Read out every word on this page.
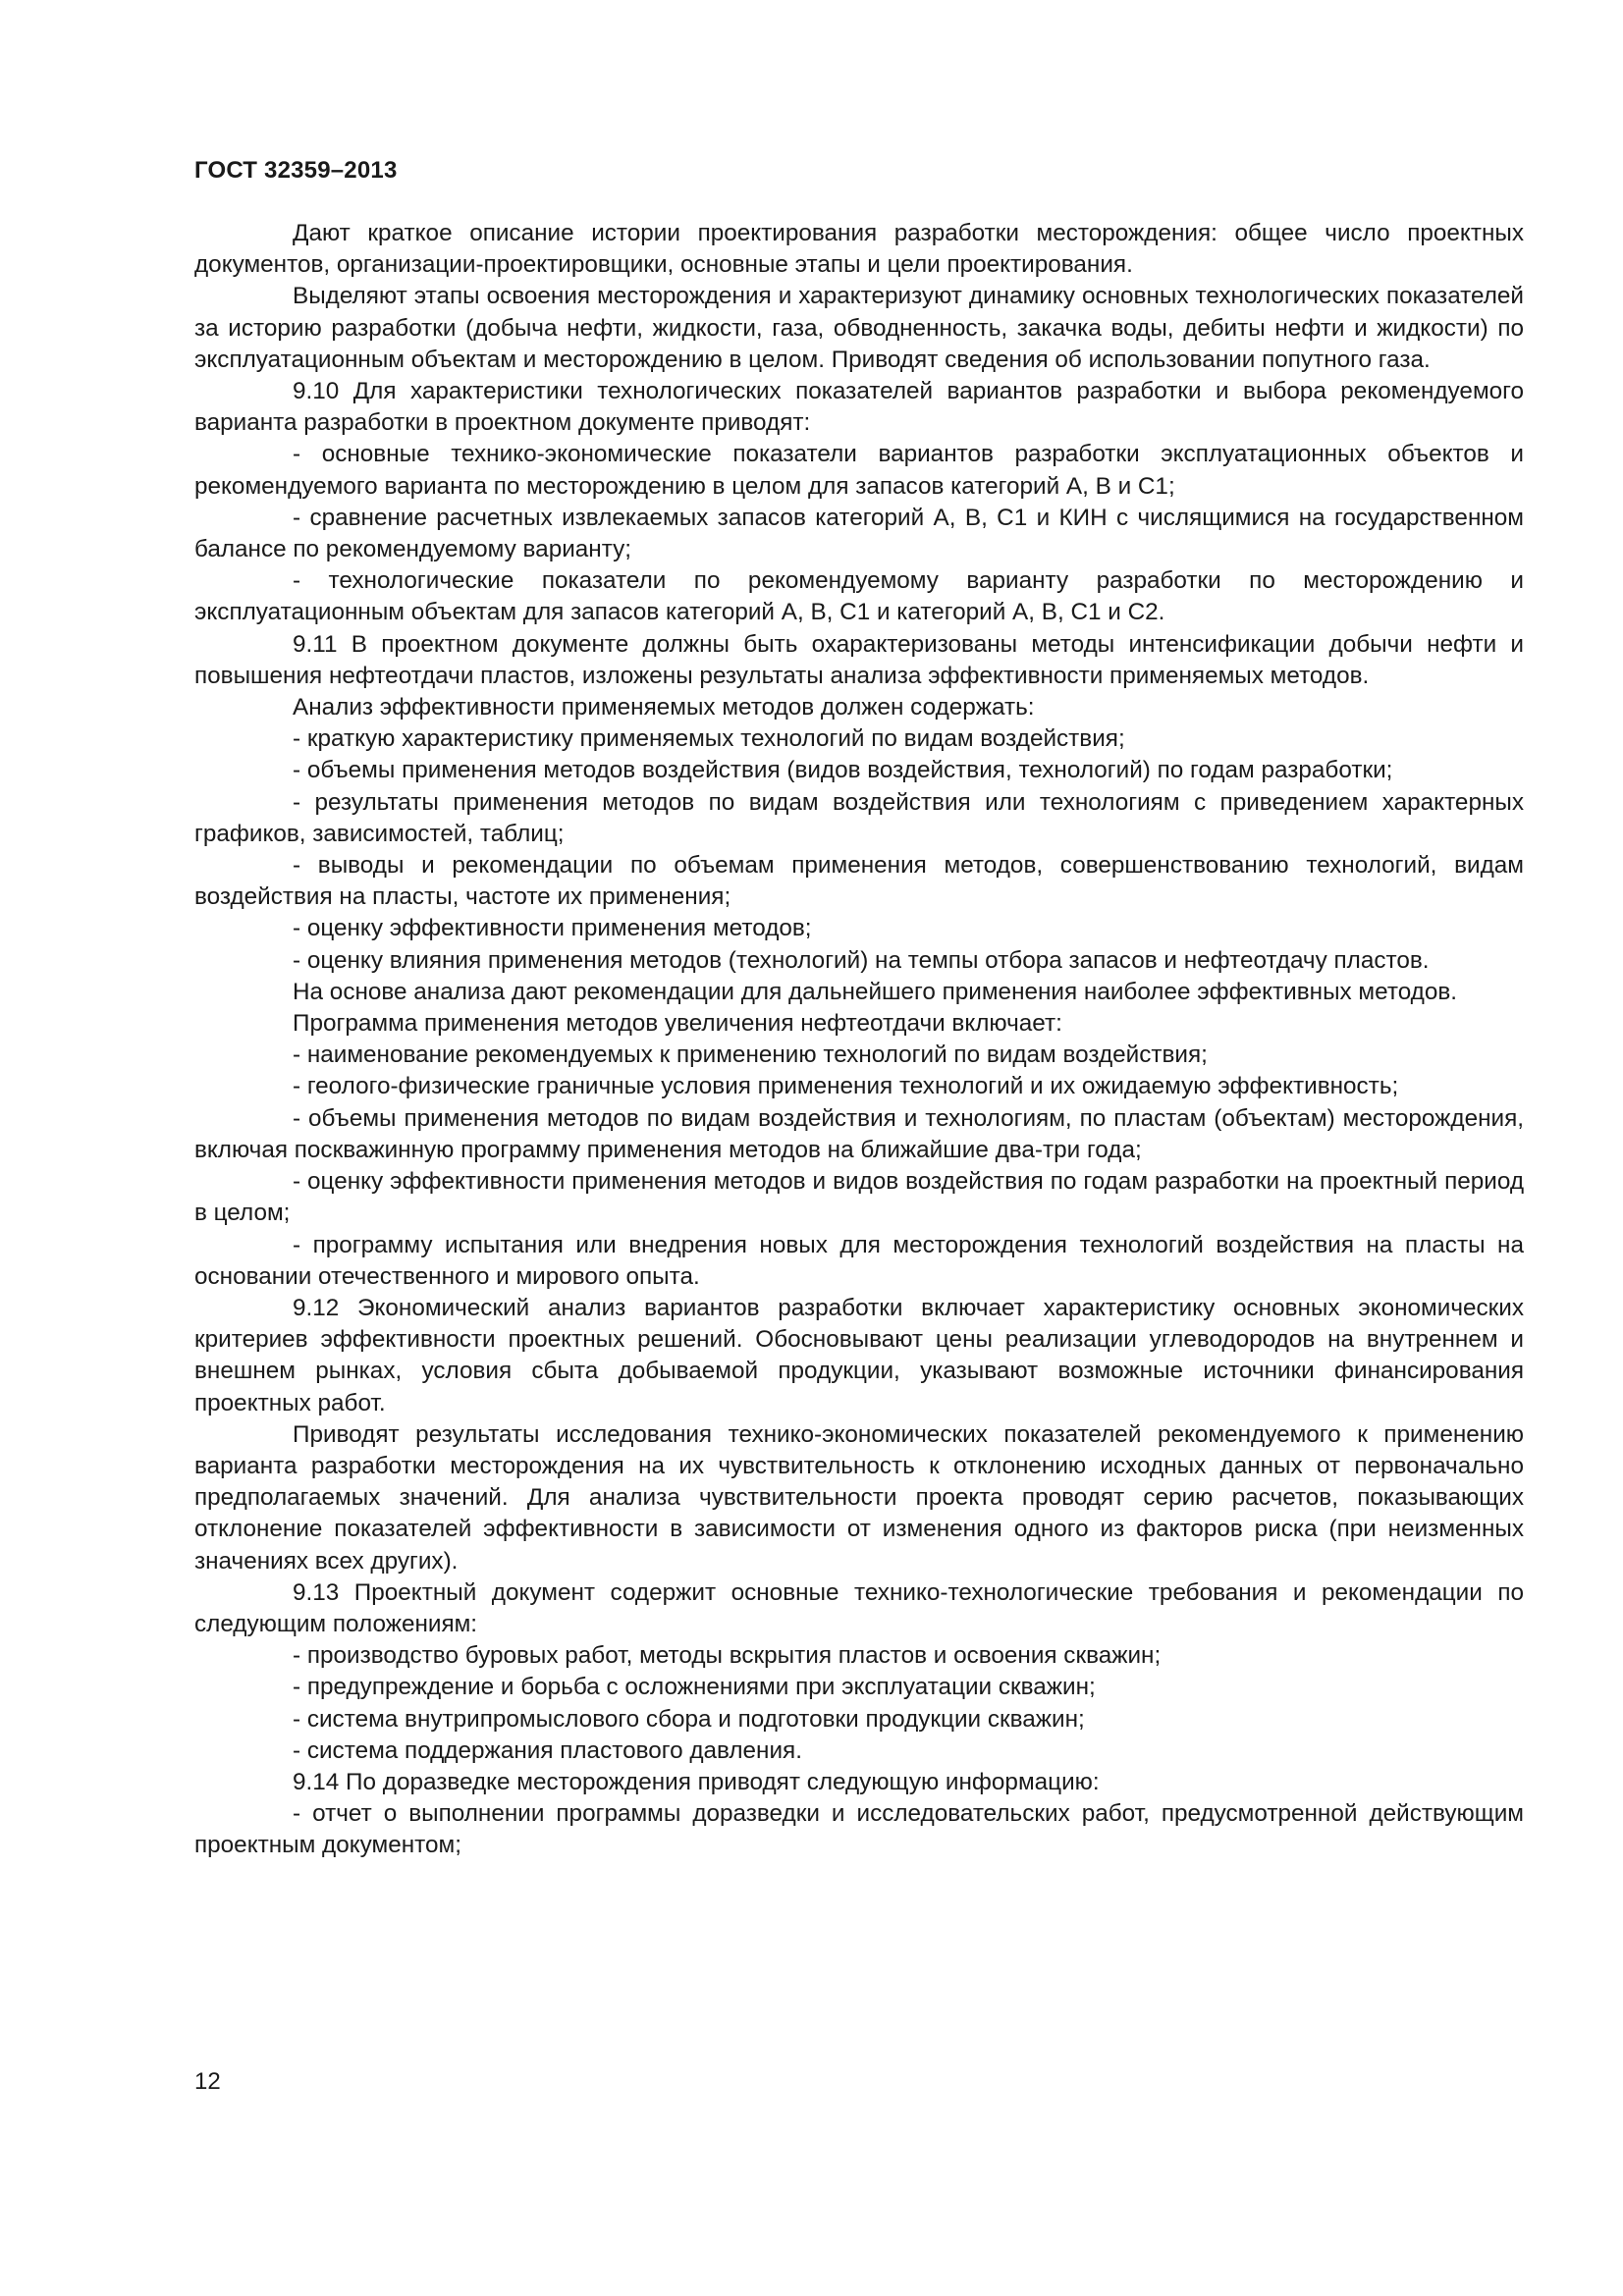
ГОСТ 32359–2013

Дают краткое описание истории проектирования разработки месторождения: общее число проектных документов, организации-проектировщики, основные этапы и цели проектирования.

Выделяют этапы освоения месторождения и характеризуют динамику основных технологических показателей за историю разработки (добыча нефти, жидкости, газа, обводненность, закачка воды, дебиты нефти и жидкости) по эксплуатационным объектам и месторождению в целом. Приводят сведения об использовании попутного газа.

9.10 Для характеристики технологических показателей вариантов разработки и выбора рекомендуемого варианта разработки в проектном документе приводят:

- основные технико-экономические показатели вариантов разработки эксплуатационных объектов и рекомендуемого варианта по месторождению в целом для запасов категорий А, В и С1;

- сравнение расчетных извлекаемых запасов категорий А, В, С1 и КИН с числящимися на государственном балансе по рекомендуемому варианту;

- технологические показатели по рекомендуемому варианту разработки по месторождению и эксплуатационным объектам для запасов категорий А, В, С1 и категорий А, В, С1 и С2.

9.11 В проектном документе должны быть охарактеризованы методы интенсификации добычи нефти и повышения нефтеотдачи пластов, изложены результаты анализа эффективности применяемых методов.

Анализ эффективности применяемых методов должен содержать:

- краткую характеристику применяемых технологий по видам воздействия;

- объемы применения методов воздействия (видов воздействия, технологий) по годам разработки;

- результаты применения методов по видам воздействия или технологиям с приведением характерных графиков, зависимостей, таблиц;

- выводы и рекомендации по объемам применения методов, совершенствованию технологий, видам воздействия на пласты, частоте их применения;

- оценку эффективности применения методов;

- оценку влияния применения методов (технологий) на темпы отбора запасов и нефтеотдачу пластов.

На основе анализа дают рекомендации для дальнейшего применения наиболее эффективных методов.

Программа применения методов увеличения нефтеотдачи включает:

- наименование рекомендуемых к применению технологий по видам воздействия;

- геолого-физические граничные условия применения технологий и их ожидаемую эффективность;

- объемы применения методов по видам воздействия и технологиям, по пластам (объектам) месторождения, включая поскважинную программу применения методов на ближайшие два-три года;

- оценку эффективности применения методов и видов воздействия по годам разработки на проектный период в целом;

- программу испытания или внедрения новых для месторождения технологий воздействия на пласты на основании отечественного и мирового опыта.

9.12 Экономический анализ вариантов разработки включает характеристику основных экономических критериев эффективности проектных решений. Обосновывают цены реализации углеводородов на внутреннем и внешнем рынках, условия сбыта добываемой продукции, указывают возможные источники финансирования проектных работ.

Приводят результаты исследования технико-экономических показателей рекомендуемого к применению варианта разработки месторождения на их чувствительность к отклонению исходных данных от первоначально предполагаемых значений. Для анализа чувствительности проекта проводят серию расчетов, показывающих отклонение показателей эффективности в зависимости от изменения одного из факторов риска (при неизменных значениях всех других).

9.13 Проектный документ содержит основные технико-технологические требования и рекомендации по следующим положениям:

- производство буровых работ, методы вскрытия пластов и освоения скважин;

- предупреждение и борьба с осложнениями при эксплуатации скважин;

- система внутрипромыслового сбора и подготовки продукции скважин;

- система поддержания пластового давления.

9.14 По доразведке месторождения приводят следующую информацию:

- отчет о выполнении программы доразведки и исследовательских работ, предусмотренной действующим проектным документом;

12
